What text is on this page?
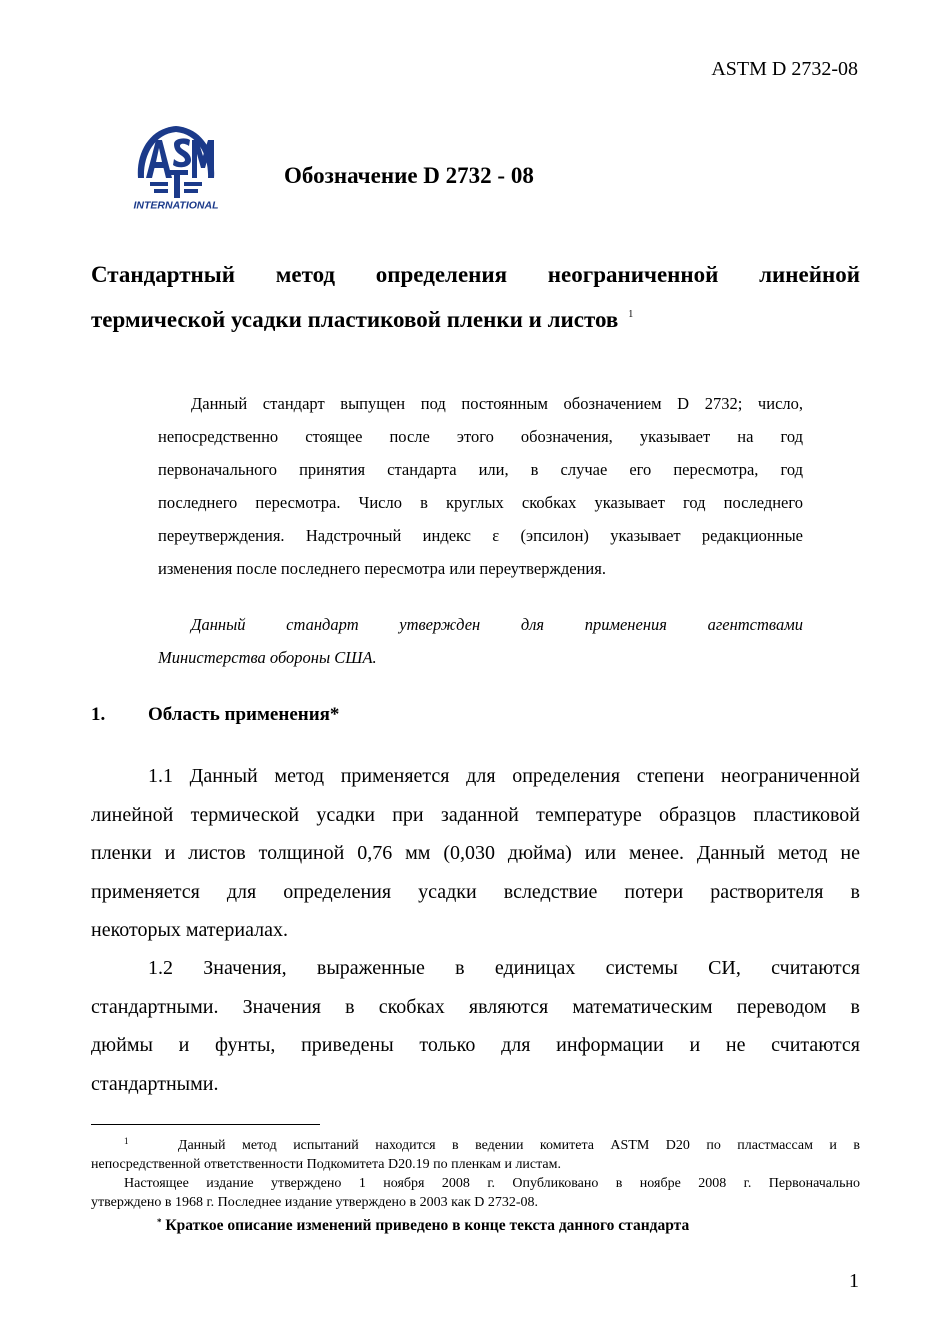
ASTM D 2732-08
INTERNATIONAL
Обозначение D 2732 - 08
Стандартный метод определения неограниченной линейной
термической усадки пластиковой пленки и листов $^1$

Данный стандарт выпущен под постоянным обозначением D 2732; число,

непосредственно стоящее после этого обозначения, указывает на год

первоначального принятия стандарта или, в случае его пересмотра, год

последнего пересмотра. Число в круглых скобках указывает год последнего

переутверждения. Надстрочный индекс ε (эпсилон) указывает редакционные

изменения после последнего пересмотра или переутверждения.

Данный стандарт утвержден для применения агентствами

Министерства обороны США.

1. Область применения*
1.1 Данный метод применяется для определения степени неограниченной
линейной термической усадки при заданной температуре образцов пластиковой
пленки и листов толщиной 0,76 мм (0,030 дюйма) или менее. Данный метод не
применяется для определения усадки вследствие потери растворителя в
некоторых материалах.
1.2 Значения, выраженные в единицах системы СИ, считаются
стандартными. Значения в скобках являются математическим переводом в
дюймы и фунты, приведены только для информации и не считаются
стандартными.
$^1$	Данный метод испытаний находится в ведении комитета ASTM D20 по пластмассам и в
непосредственной ответственности Подкомитета D20.19 по пленкам и листам.
Настоящее издание утверждено 1 ноября 2008 г. Опубликовано в ноябре 2008 г. Первоначально
утверждено в 1968 г. Последнее издание утверждено в 2003 как D 2732-08.
* Краткое описание изменений приведено в конце текста данного стандарта
1
